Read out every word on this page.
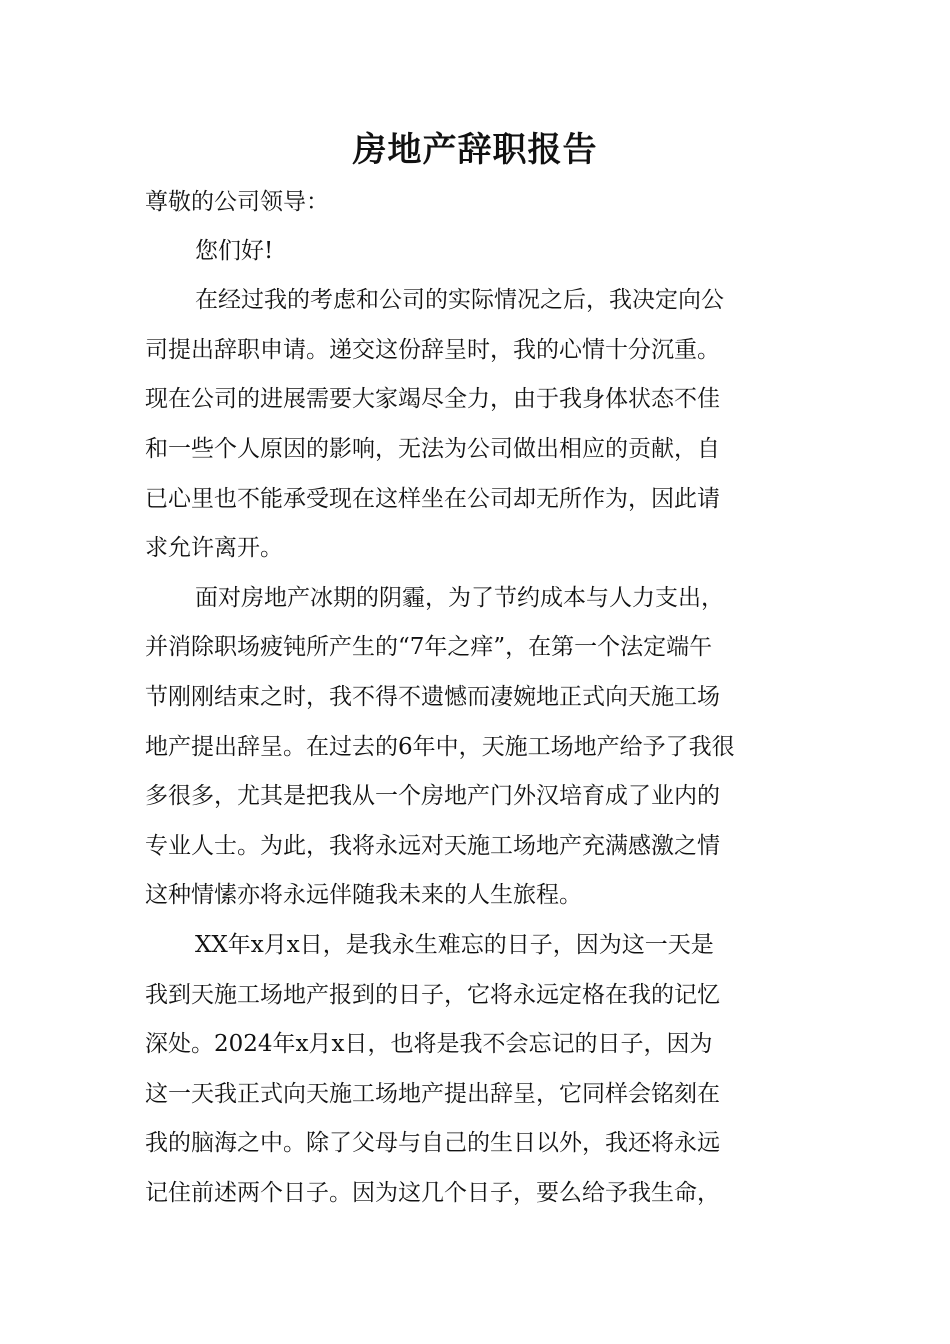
房地产辞职报告
尊敬的公司领导：
您们好!
在经过我的考虑和公司的实际情况之后，我决定向公
司提出辞职申请。递交这份辞呈时，我的心情十分沉重。
现在公司的进展需要大家竭尽全力，由于我身体状态不佳
和一些个人原因的影响，无法为公司做出相应的贡献，自
已心里也不能承受现在这样坐在公司却无所作为，因此请
求允许离开。
面对房地产冰期的阴霾，为了节约成本与人力支出，
并消除职场疲钝所产生的“7年之痒”，在第一个法定端午
节刚刚结束之时，我不得不遗憾而凄婉地正式向天施工场
地产提出辞呈。在过去的6年中，天施工场地产给予了我很
多很多，尤其是把我从一个房地产门外汉培育成了业内的
专业人士。为此，我将永远对天施工场地产充满感激之情
这种情愫亦将永远伴随我未来的人生旅程。
XX年x月x日，是我永生难忘的日子，因为这一天是
我到天施工场地产报到的日子，它将永远定格在我的记忆
深处。2024年x月x日，也将是我不会忘记的日子，因为
这一天我正式向天施工场地产提出辞呈，它同样会铭刻在
我的脑海之中。除了父母与自己的生日以外，我还将永远
记住前述两个日子。因为这几个日子，要么给予我生命，
